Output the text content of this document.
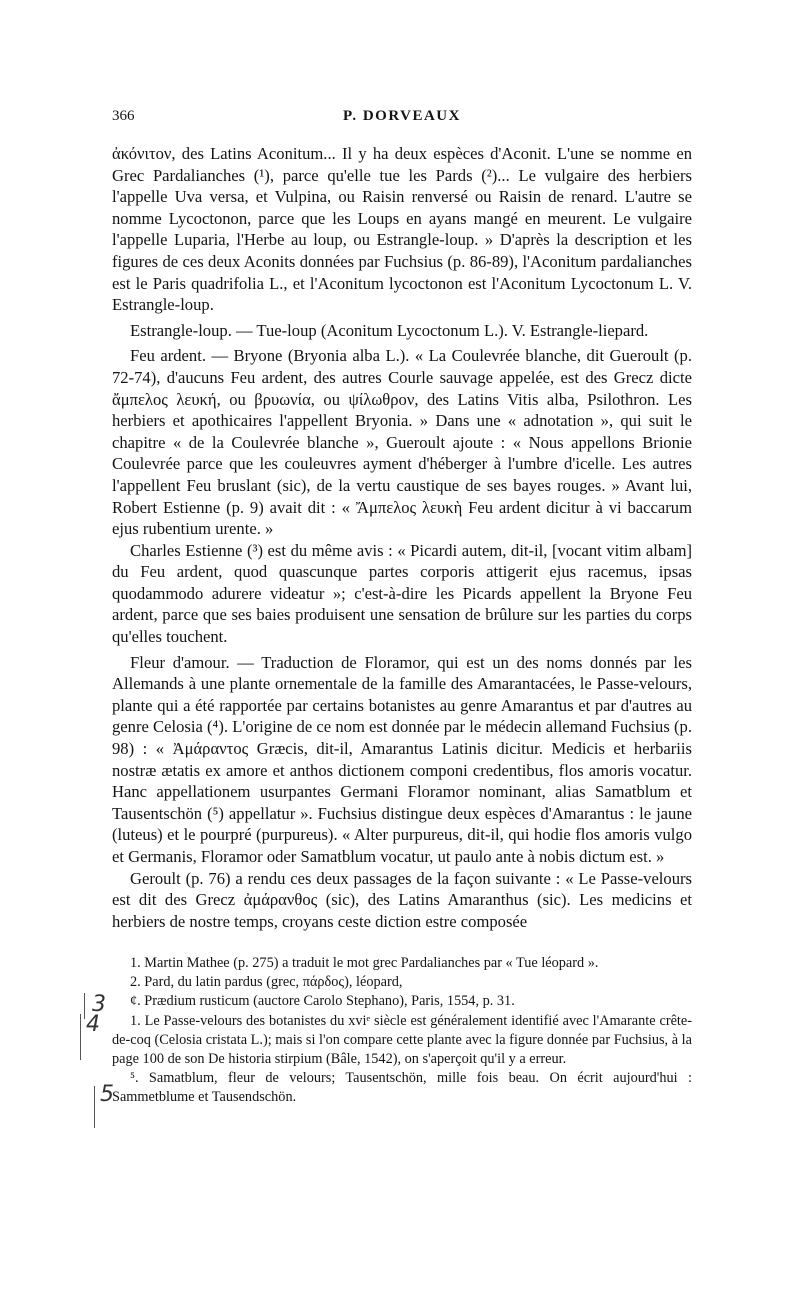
366	P. DORVEAUX

ἀκόνιτον, des Latins Aconitum... Il y ha deux espèces d'Aconit. L'une se nomme en Grec Pardalianches (¹), parce qu'elle tue les Pards (²)... Le vulgaire des herbiers l'appelle Uva versa, et Vulpina, ou Raisin renversé ou Raisin de renard. L'autre se nomme Lycoctonon, parce que les Loups en ayans mangé en meurent. Le vulgaire l'appelle Luparia, l'Herbe au loup, ou Estrangle-loup. » D'après la description et les figures de ces deux Aconits données par Fuchsius (p. 86-89), l'Aconitum pardalianches est le Paris quadrifolia L., et l'Aconitum lycoctonon est l'Aconitum Lycoctonum L. V. Estrangle-loup.

Estrangle-loup. — Tue-loup (Aconitum Lycoctonum L.). V. Estrangle-liepard.

Feu ardent. — Bryone (Bryonia alba L.). « La Coulevrée blanche, dit Gueroult (p. 72-74), d'aucuns Feu ardent, des autres Courle sauvage appelée, est des Grecz dicte ἄμπελος λευκή, ou βρυωνία, ou ψίλωθρον, des Latins Vitis alba, Psilothron. Les herbiers et apothicaires l'appellent Bryonia. » Dans une « adnotation », qui suit le chapitre « de la Coulevrée blanche », Gueroult ajoute : « Nous appellons Brionie Coulevrée parce que les couleuvres ayment d'héberger à l'umbre d'icelle. Les autres l'appellent Feu bruslant (sic), de la vertu caustique de ses bayes rouges. » Avant lui, Robert Estienne (p. 9) avait dit : « Ἄμπελος λευκὴ Feu ardent dicitur à vi baccarum ejus rubentium urente. »

Charles Estienne (³) est du même avis : « Picardi autem, dit-il, [vocant vitim albam] du Feu ardent, quod quascunque partes corporis attigerit ejus racemus, ipsas quodammodo adurere videatur »; c'est-à-dire les Picards appellent la Bryone Feu ardent, parce que ses baies produisent une sensation de brûlure sur les parties du corps qu'elles touchent.

Fleur d'amour. — Traduction de Floramor, qui est un des noms donnés par les Allemands à une plante ornementale de la famille des Amarantacées, le Passe-velours, plante qui a été rapportée par certains botanistes au genre Amarantus et par d'autres au genre Celosia (⁴). L'origine de ce nom est donnée par le médecin allemand Fuchsius (p. 98) : « Ἀμάραντος Græcis, dit-il, Amarantus Latinis dicitur. Medicis et herbariis nostræ ætatis ex amore et anthos dictionem componi credentibus, flos amoris vocatur. Hanc appellationem usurpantes Germani Floramor nominant, alias Samatblum et Tausentschön (⁵) appellatur ». Fuchsius distingue deux espèces d'Amarantus : le jaune (luteus) et le pourpré (purpureus). « Alter purpureus, dit-il, qui hodie flos amoris vulgo et Germanis, Floramor oder Samatblum vocatur, ut paulo ante à nobis dictum est. »

Geroult (p. 76) a rendu ces deux passages de la façon suivante : « Le Passe-velours est dit des Grecz ἀμάρανθος (sic), des Latins Amaranthus (sic). Les medicins et herbiers de nostre temps, croyans ceste diction estre composée

1. Martin Mathee (p. 275) a traduit le mot grec Pardalianches par « Tue léopard ».

2. Pard, du latin pardus (grec, πάρδος), léopard,

¢. Prædium rusticum (auctore Carolo Stephano), Paris, 1554, p. 31.

1. Le Passe-velours des botanistes du xviᵉ siècle est généralement identifié avec l'Amarante crête-de-coq (Celosia cristata L.); mais si l'on compare cette plante avec la figure donnée par Fuchsius, à la page 100 de son De historia stirpium (Bâle, 1542), on s'aperçoit qu'il y a erreur.

⁵. Samatblum, fleur de velours; Tausentschön, mille fois beau. On écrit aujourd'hui : Sammetblume et Tausendschön.

3
4
5
